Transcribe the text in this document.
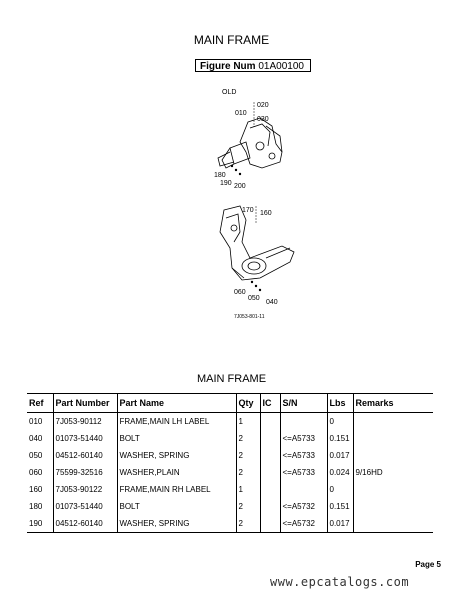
MAIN FRAME
Figure Num 01A00100
OLD
010
020
030
180
190 200
170 160
060
050
040
7J053-801-11
MAIN FRAME
Ref	Part Number	Part Name	Qty	IC	S/N	Lbs	Remarks
010	7J053-90112	FRAME,MAIN LH LABEL	1			0	
040	01073-51440	BOLT	2		<=A5733	0.151	
050	04512-60140	WASHER, SPRING	2		<=A5733	0.017	
060	75599-32516	WASHER,PLAIN	2		<=A5733	0.024	9/16HD
160	7J053-90122	FRAME,MAIN RH LABEL	1			0	
180	01073-51440	BOLT	2		<=A5732	0.151	
190	04512-60140	WASHER, SPRING	2		<=A5732	0.017	
Page 5
www.epcatalogs.com
